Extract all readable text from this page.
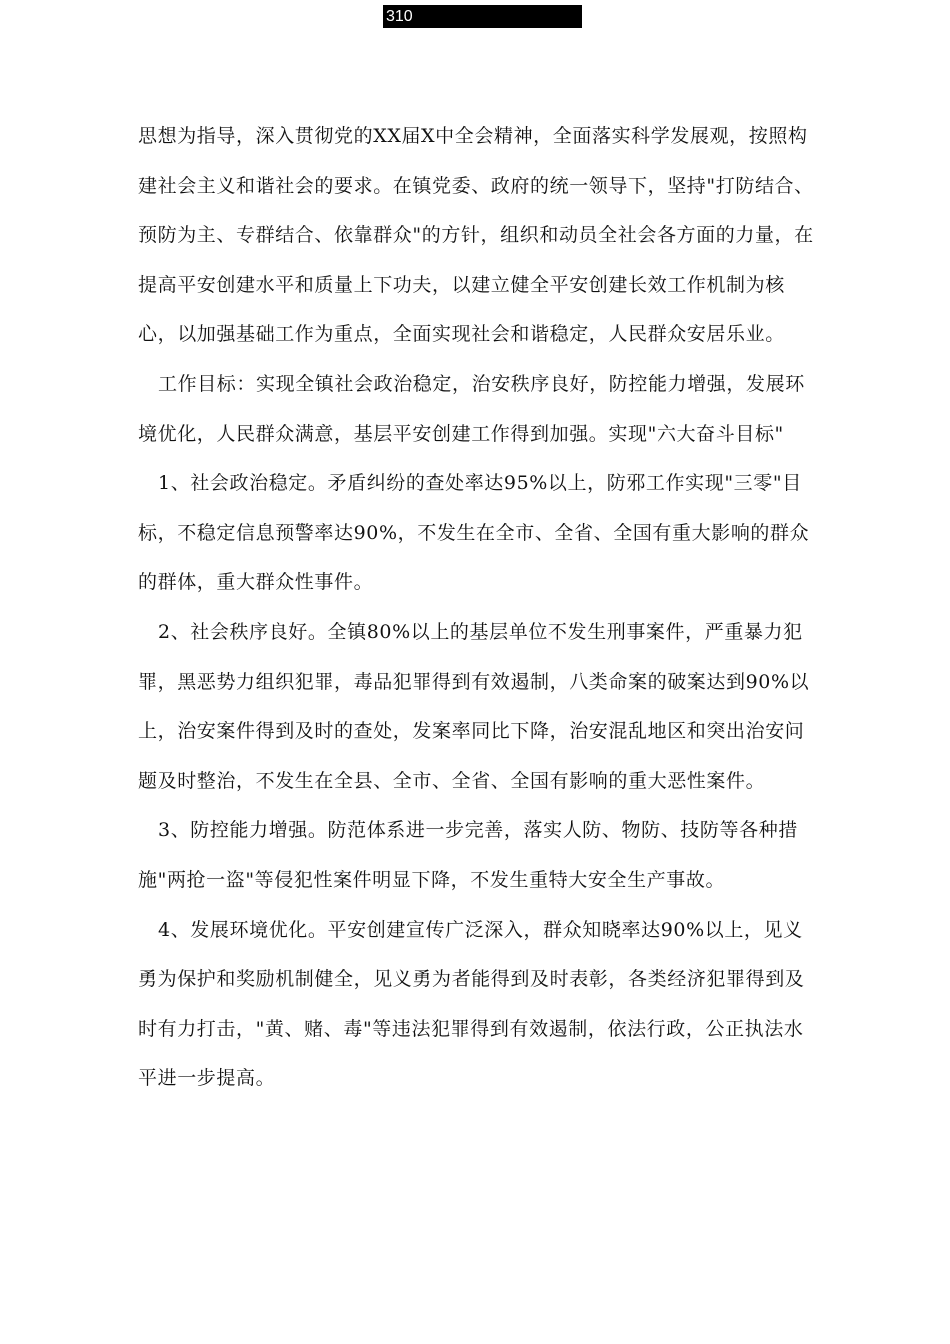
310

思想为指导，深入贯彻党的XX届X中全会精神，全面落实科学发展观，按照构建社会主义和谐社会的要求。在镇党委、政府的统一领导下，坚持"打防结合、预防为主、专群结合、依靠群众"的方针，组织和动员全社会各方面的力量，在提高平安创建水平和质量上下功夫，以建立健全平安创建长效工作机制为核心，以加强基础工作为重点，全面实现社会和谐稳定，人民群众安居乐业。

工作目标：实现全镇社会政治稳定，治安秩序良好，防控能力增强，发展环境优化，人民群众满意，基层平安创建工作得到加强。实现"六大奋斗目标"

1、社会政治稳定。矛盾纠纷的查处率达95%以上，防邪工作实现"三零"目标，不稳定信息预警率达90%，不发生在全市、全省、全国有重大影响的群众的群体，重大群众性事件。

2、社会秩序良好。全镇80%以上的基层单位不发生刑事案件，严重暴力犯罪，黑恶势力组织犯罪，毒品犯罪得到有效遏制，八类命案的破案达到90%以上，治安案件得到及时的查处，发案率同比下降，治安混乱地区和突出治安问题及时整治，不发生在全县、全市、全省、全国有影响的重大恶性案件。

3、防控能力增强。防范体系进一步完善，落实人防、物防、技防等各种措施"两抢一盗"等侵犯性案件明显下降，不发生重特大安全生产事故。

4、发展环境优化。平安创建宣传广泛深入，群众知晓率达90%以上，见义勇为保护和奖励机制健全，见义勇为者能得到及时表彰，各类经济犯罪得到及时有力打击，"黄、赌、毒"等违法犯罪得到有效遏制，依法行政，公正执法水平进一步提高。
